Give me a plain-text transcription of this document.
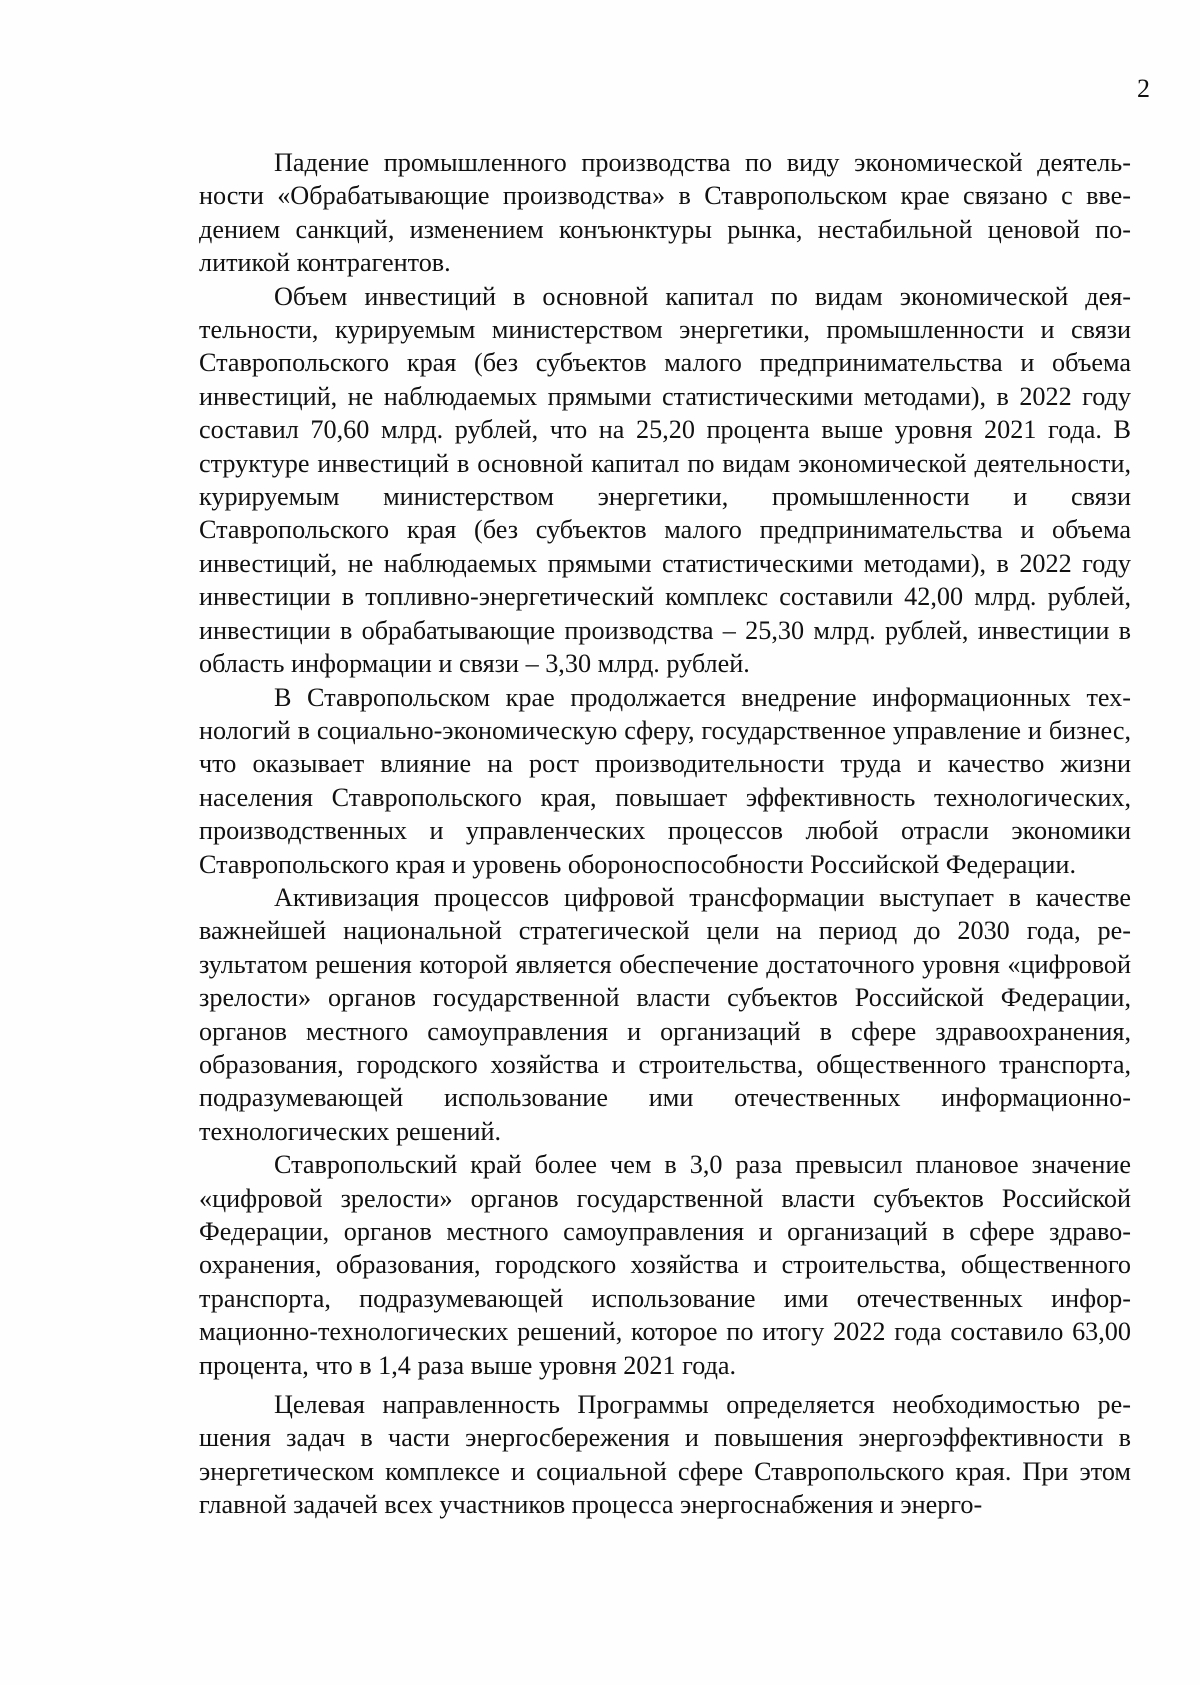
2

Падение промышленного производства по виду экономической деятельности «Обрабатывающие производства» в Ставропольском крае связано с введением санкций, изменением конъюнктуры рынка, нестабильной ценовой политикой контрагентов.

Объем инвестиций в основной капитал по видам экономической деятельности, курируемым министерством энергетики, промышленности и связи Ставропольского края (без субъектов малого предпринимательства и объема инвестиций, не наблюдаемых прямыми статистическими методами), в 2022 году составил 70,60 млрд. рублей, что на 25,20 процента выше уровня 2021 года. В структуре инвестиций в основной капитал по видам экономической деятельности, курируемым министерством энергетики, промышленности и связи Ставропольского края (без субъектов малого предпринимательства и объема инвестиций, не наблюдаемых прямыми статистическими методами), в 2022 году инвестиции в топливно-энергетический комплекс составили 42,00 млрд. рублей, инвестиции в обрабатывающие производства – 25,30 млрд. рублей, инвестиции в область информации и связи – 3,30 млрд. рублей.

В Ставропольском крае продолжается внедрение информационных технологий в социально-экономическую сферу, государственное управление и бизнес, что оказывает влияние на рост производительности труда и качество жизни населения Ставропольского края, повышает эффективность технологических, производственных и управленческих процессов любой отрасли экономики Ставропольского края и уровень обороноспособности Российской Федерации.

Активизация процессов цифровой трансформации выступает в качестве важнейшей национальной стратегической цели на период до 2030 года, результатом решения которой является обеспечение достаточного уровня «цифровой зрелости» органов государственной власти субъектов Российской Федерации, органов местного самоуправления и организаций в сфере здравоохранения, образования, городского хозяйства и строительства, общественного транспорта, подразумевающей использование ими отечественных информационно-технологических решений.

Ставропольский край более чем в 3,0 раза превысил плановое значение «цифровой зрелости» органов государственной власти субъектов Российской Федерации, органов местного самоуправления и организаций в сфере здравоохранения, образования, городского хозяйства и строительства, общественного транспорта, подразумевающей использование ими отечественных информационно-технологических решений, которое по итогу 2022 года составило 63,00 процента, что в 1,4 раза выше уровня 2021 года.

Целевая направленность Программы определяется необходимостью решения задач в части энергосбережения и повышения энергоэффективности в энергетическом комплексе и социальной сфере Ставропольского края. При этом главной задачей всех участников процесса энергоснабжения и энерго-
